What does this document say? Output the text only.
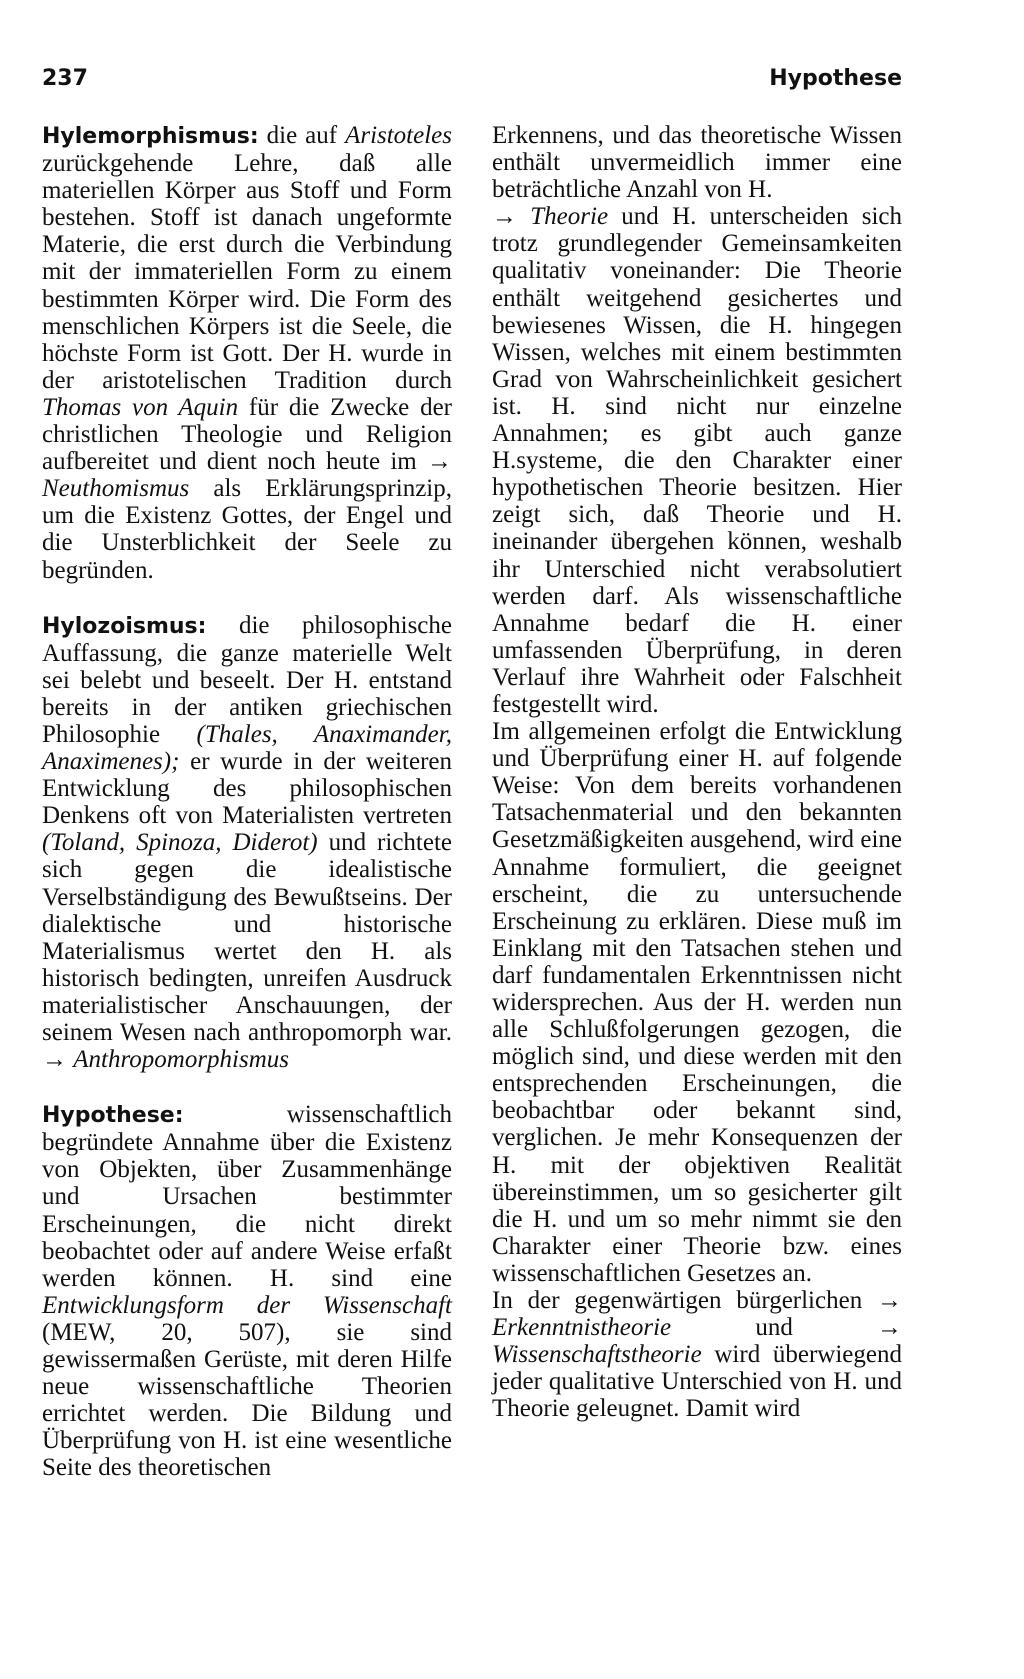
237	Hypothese

Hylemorphismus: die auf Aristoteles zurückgehende Lehre, daß alle materiellen Körper aus Stoff und Form bestehen. Stoff ist danach ungeformte Materie, die erst durch die Verbindung mit der immateriellen Form zu einem bestimmten Körper wird. Die Form des menschlichen Körpers ist die Seele, die höchste Form ist Gott. Der H. wurde in der aristotelischen Tradition durch Thomas von Aquin für die Zwecke der christlichen Theologie und Religion aufbereitet und dient noch heute im → Neuthomismus als Erklärungsprinzip, um die Existenz Gottes, der Engel und die Unsterblichkeit der Seele zu begründen.

Hylozoismus: die philosophische Auffassung, die ganze materielle Welt sei belebt und beseelt. Der H. entstand bereits in der antiken griechischen Philosophie (Thales, Anaximander, Anaximenes); er wurde in der weiteren Entwicklung des philosophischen Denkens oft von Materialisten vertreten (Toland, Spinoza, Diderot) und richtete sich gegen die idealistische Verselbständigung des Bewußtseins. Der dialektische und historische Materialismus wertet den H. als historisch bedingten, unreifen Ausdruck materialistischer Anschauungen, der seinem Wesen nach anthropomorph war. → Anthropomorphismus

Hypothese: wissenschaftlich begründete Annahme über die Existenz von Objekten, über Zusammenhänge und Ursachen bestimmter Erscheinungen, die nicht direkt beobachtet oder auf andere Weise erfaßt werden können. H. sind eine Entwicklungsform der Wissenschaft (MEW, 20, 507), sie sind gewissermaßen Gerüste, mit deren Hilfe neue wissenschaftliche Theorien errichtet werden. Die Bildung und Überprüfung von H. ist eine wesentliche Seite des theoretischen

Erkennens, und das theoretische Wissen enthält unvermeidlich immer eine beträchtliche Anzahl von H.

→ Theorie und H. unterscheiden sich trotz grundlegender Gemeinsamkeiten qualitativ voneinander: Die Theorie enthält weitgehend gesichertes und bewiesenes Wissen, die H. hingegen Wissen, welches mit einem bestimmten Grad von Wahrscheinlichkeit gesichert ist. H. sind nicht nur einzelne Annahmen; es gibt auch ganze H.systeme, die den Charakter einer hypothetischen Theorie besitzen. Hier zeigt sich, daß Theorie und H. ineinander übergehen können, weshalb ihr Unterschied nicht verabsolutiert werden darf. Als wissenschaftliche Annahme bedarf die H. einer umfassenden Überprüfung, in deren Verlauf ihre Wahrheit oder Falschheit festgestellt wird.

Im allgemeinen erfolgt die Entwicklung und Überprüfung einer H. auf folgende Weise: Von dem bereits vorhandenen Tatsachenmaterial und den bekannten Gesetzmäßigkeiten ausgehend, wird eine Annahme formuliert, die geeignet erscheint, die zu untersuchende Erscheinung zu erklären. Diese muß im Einklang mit den Tatsachen stehen und darf fundamentalen Erkenntnissen nicht widersprechen. Aus der H. werden nun alle Schlußfolgerungen gezogen, die möglich sind, und diese werden mit den entsprechenden Erscheinungen, die beobachtbar oder bekannt sind, verglichen. Je mehr Konsequenzen der H. mit der objektiven Realität übereinstimmen, um so gesicherter gilt die H. und um so mehr nimmt sie den Charakter einer Theorie bzw. eines wissenschaftlichen Gesetzes an.

In der gegenwärtigen bürgerlichen → Erkenntnistheorie und → Wissenschaftstheorie wird überwiegend jeder qualitative Unterschied von H. und Theorie geleugnet. Damit wird
